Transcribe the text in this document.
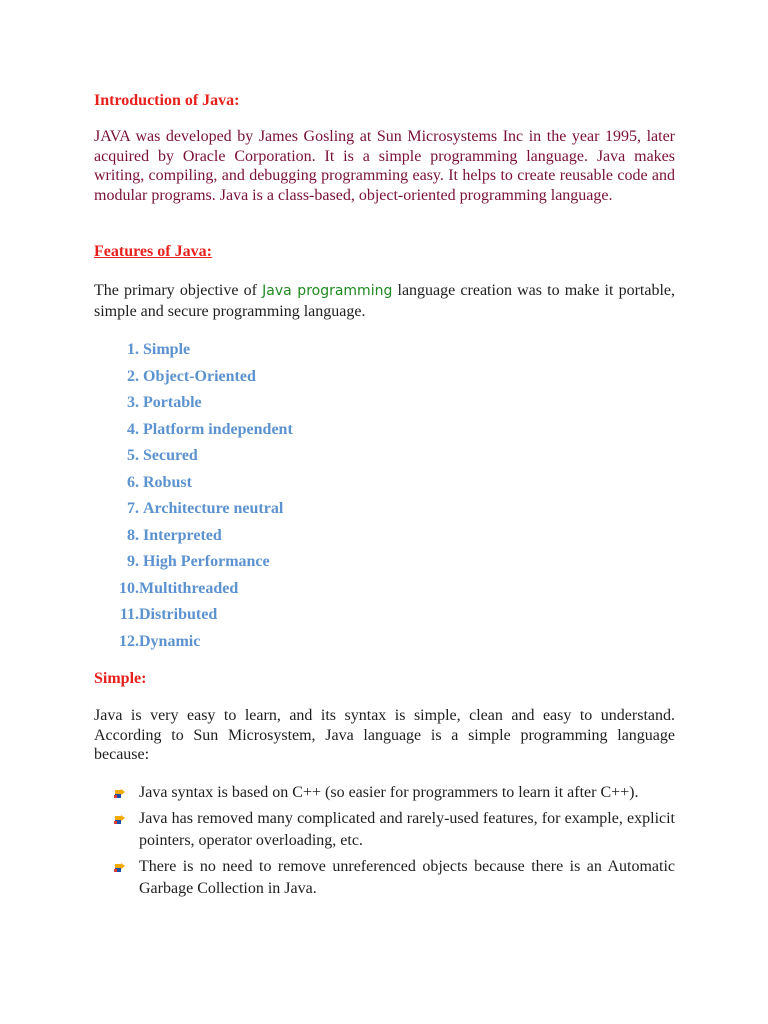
Introduction of Java:

JAVA was developed by James Gosling at Sun Microsystems Inc in the year 1995, later acquired by Oracle Corporation. It is a simple programming language. Java makes writing, compiling, and debugging programming easy. It helps to create reusable code and modular programs. Java is a class-based, object-oriented programming language.

Features of Java:

The primary objective of Java programming language creation was to make it portable, simple and secure programming language.

1. Simple
2. Object-Oriented
3. Portable
4. Platform independent
5. Secured
6. Robust
7. Architecture neutral
8. Interpreted
9. High Performance
10.Multithreaded
11.Distributed
12.Dynamic
Simple:

Java is very easy to learn, and its syntax is simple, clean and easy to understand. According to Sun Microsystem, Java language is a simple programming language because:

Java syntax is based on C++ (so easier for programmers to learn it after C++).
Java has removed many complicated and rarely-used features, for example, explicit pointers, operator overloading, etc.
There is no need to remove unreferenced objects because there is an Automatic Garbage Collection in Java.
